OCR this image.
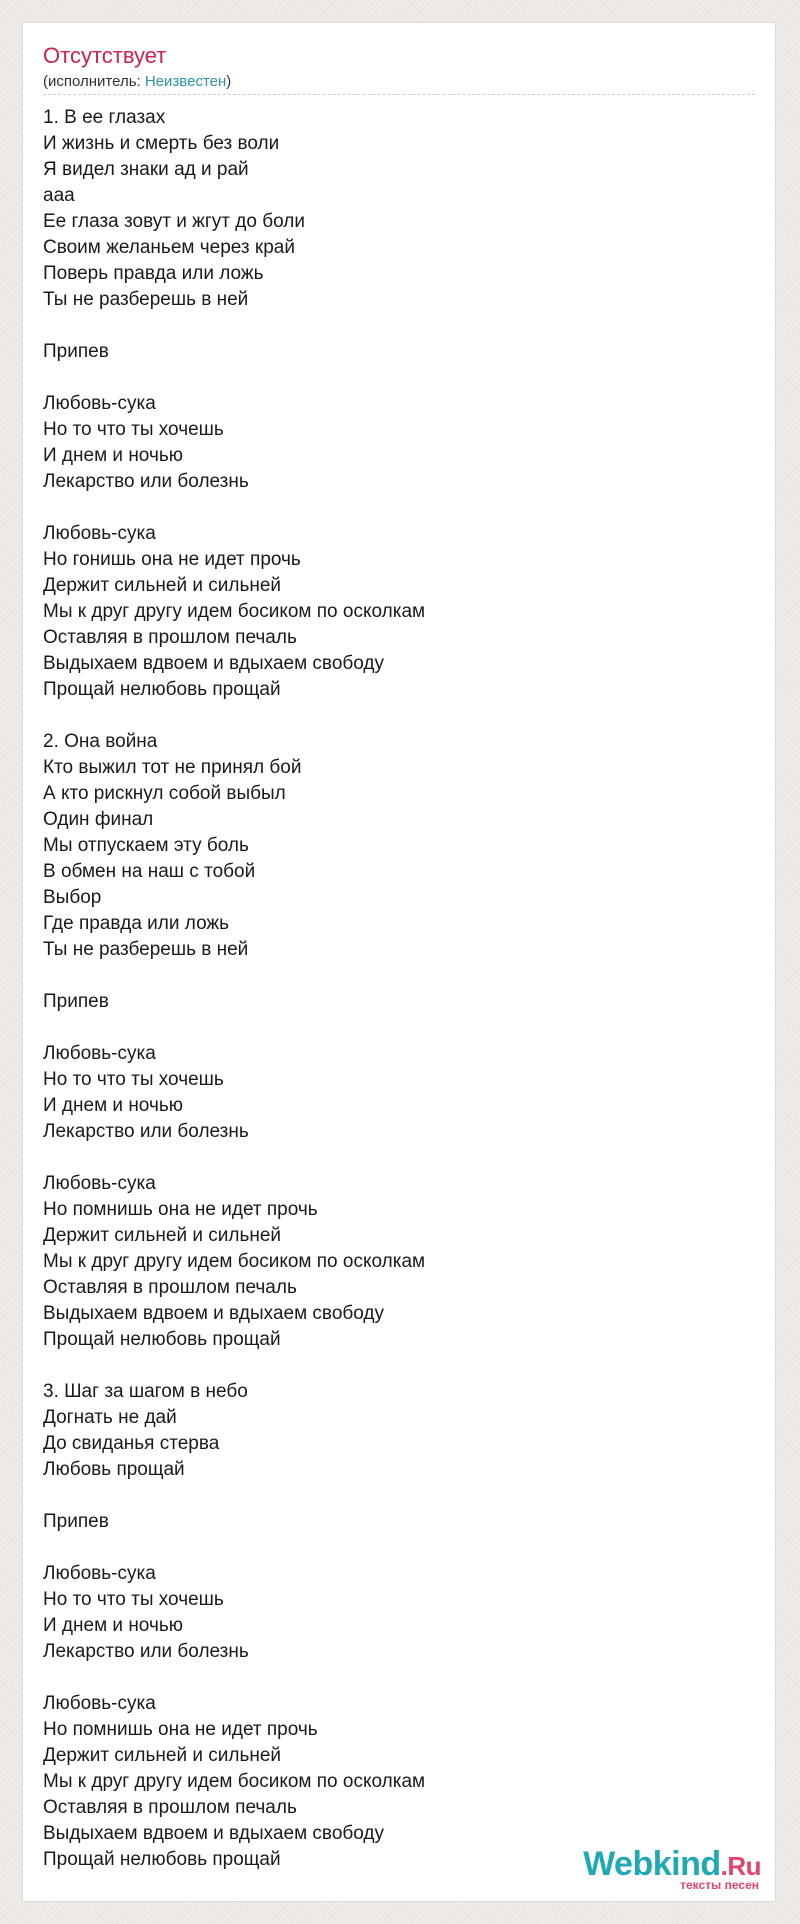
Отсутствует
(исполнитель: Неизвестен)
1. В ее глазах
И жизнь и смерть без воли
Я видел знаки ад и рай
ааа
Ее глаза зовут и жгут до боли
Своим желаньем через край
Поверь правда или ложь
Ты не разберешь в ней
Припев
Любовь-сука
Но то что ты хочешь
И днем и ночью
Лекарство или болезнь
Любовь-сука
Но гонишь она не идет прочь
Держит сильней и сильней
Мы к друг другу идем босиком по осколкам
Оставляя в прошлом печаль
Выдыхаем вдвоем и вдыхаем свободу
Прощай нелюбовь прощай
2. Она война
Кто выжил тот не принял бой
А кто рискнул собой выбыл
Один финал
Мы отпускаем эту боль
В обмен на наш с тобой
Выбор
Где правда или ложь
Ты не разберешь в ней
Припев
Любовь-сука
Но то что ты хочешь
И днем и ночью
Лекарство или болезнь
Любовь-сука
Но помнишь она не идет прочь
Держит сильней и сильней
Мы к друг другу идем босиком по осколкам
Оставляя в прошлом печаль
Выдыхаем вдвоем и вдыхаем свободу
Прощай нелюбовь прощай
3. Шаг за шагом в небо
Догнать не дай
До свиданья стерва
Любовь прощай
Припев
Любовь-сука
Но то что ты хочешь
И днем и ночью
Лекарство или болезнь
Любовь-сука
Но помнишь она не идет прочь
Держит сильней и сильней
Мы к друг другу идем босиком по осколкам
Оставляя в прошлом печаль
Выдыхаем вдвоем и вдыхаем свободу
Прощай нелюбовь прощай	Webkind.Ru
тексты песен
